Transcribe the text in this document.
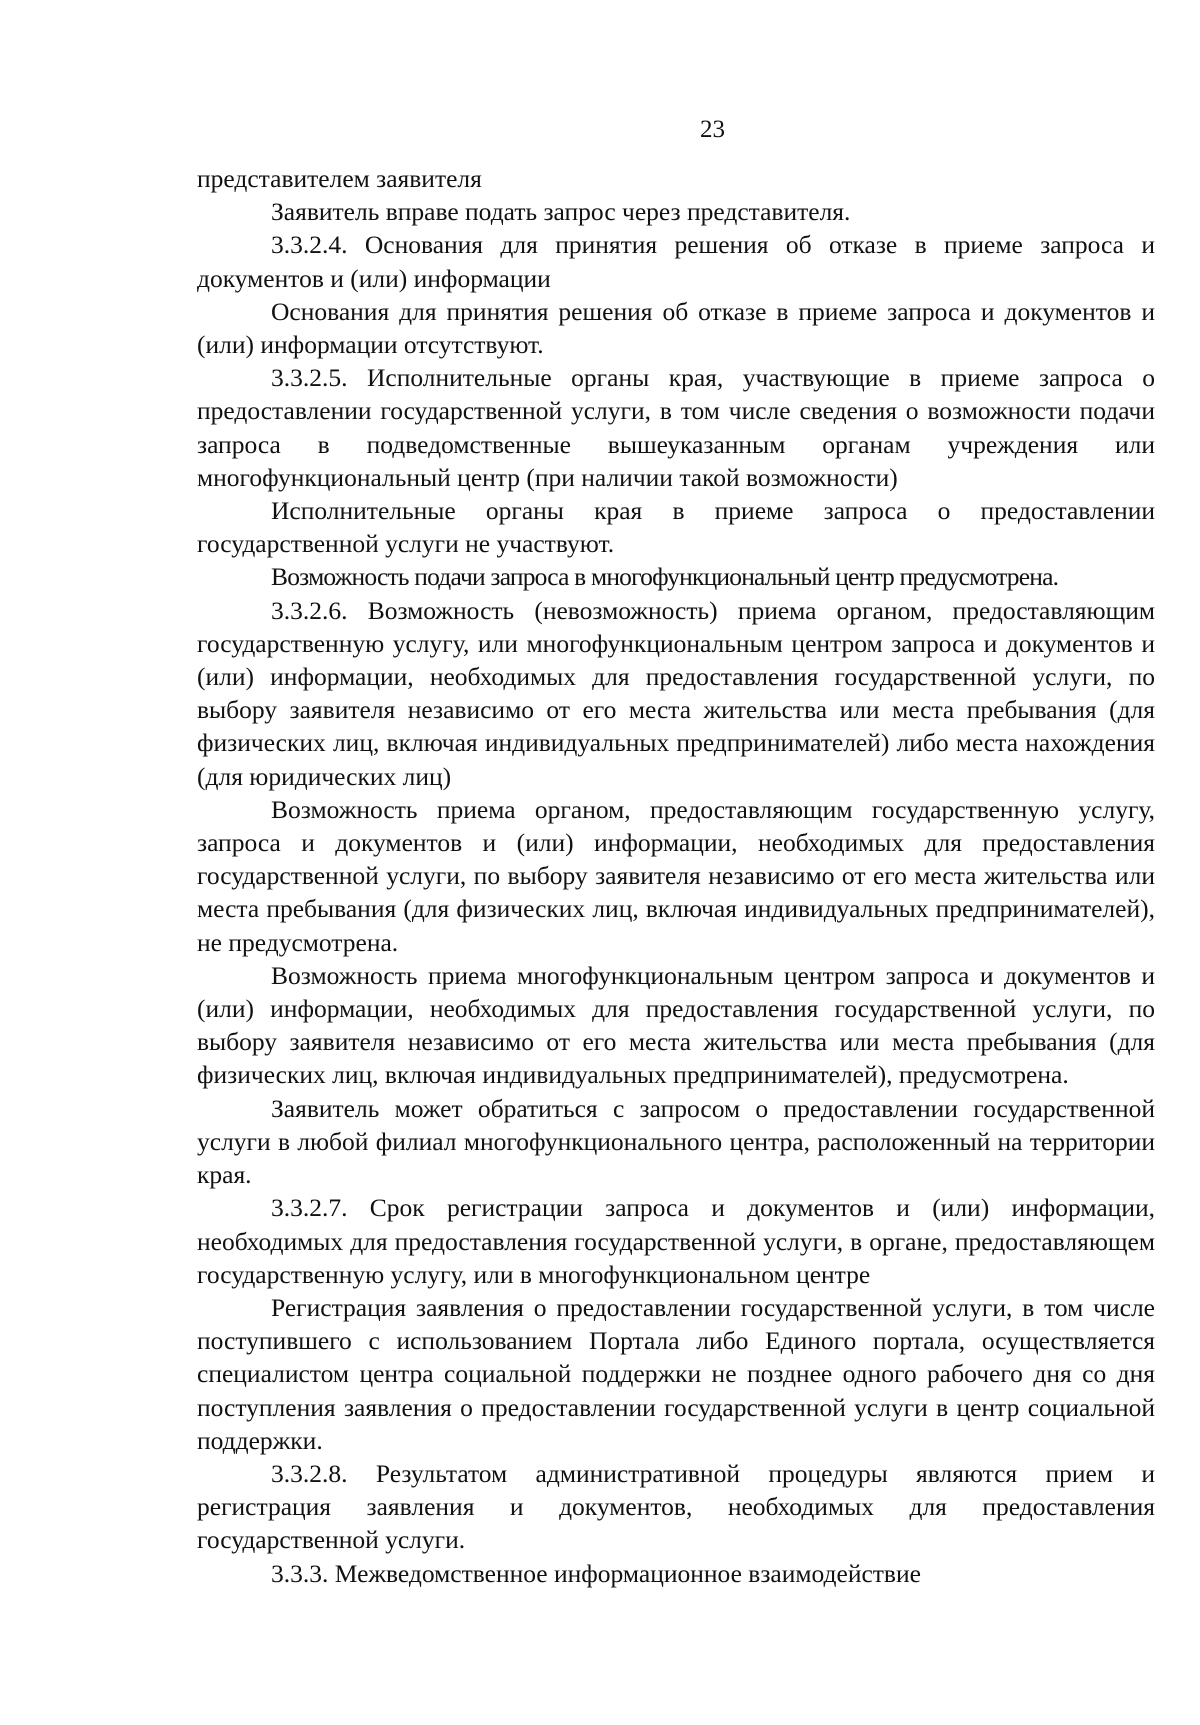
23

представителем заявителя

Заявитель вправе подать запрос через представителя.

3.3.2.4. Основания для принятия решения об отказе в приеме запроса и документов и (или) информации

Основания для принятия решения об отказе в приеме запроса и документов и (или) информации отсутствуют.

3.3.2.5. Исполнительные органы края, участвующие в приеме запроса о предоставлении государственной услуги, в том числе сведения о возможности подачи запроса в подведомственные вышеуказанным органам учреждения или многофункциональный центр (при наличии такой возможности)

Исполнительные органы края в приеме запроса о предоставлении государственной услуги не участвуют.

Возможность подачи запроса в многофункциональный центр предусмотрена.

3.3.2.6. Возможность (невозможность) приема органом, предоставляющим государственную услугу, или многофункциональным центром запроса и документов и (или) информации, необходимых для предоставления государственной услуги, по выбору заявителя независимо от его места жительства или места пребывания (для физических лиц, включая индивидуальных предпринимателей) либо места нахождения (для юридических лиц)

Возможность приема органом, предоставляющим государственную услугу, запроса и документов и (или) информации, необходимых для предоставления государственной услуги, по выбору заявителя независимо от его места жительства или места пребывания (для физических лиц, включая индивидуальных предпринимателей), не предусмотрена.

Возможность приема многофункциональным центром запроса и документов и (или) информации, необходимых для предоставления государственной услуги, по выбору заявителя независимо от его места жительства или места пребывания (для физических лиц, включая индивидуальных предпринимателей), предусмотрена.

Заявитель может обратиться с запросом о предоставлении государственной услуги в любой филиал многофункционального центра, расположенный на территории края.

3.3.2.7. Срок регистрации запроса и документов и (или) информации, необходимых для предоставления государственной услуги, в органе, предоставляющем государственную услугу, или в многофункциональном центре

Регистрация заявления о предоставлении государственной услуги, в том числе поступившего с использованием Портала либо Единого портала, осуществляется специалистом центра социальной поддержки не позднее одного рабочего дня со дня поступления заявления о предоставлении государственной услуги в центр социальной поддержки.

3.3.2.8. Результатом административной процедуры являются прием и регистрация заявления и документов, необходимых для предоставления государственной услуги.

3.3.3. Межведомственное информационное взаимодействие
